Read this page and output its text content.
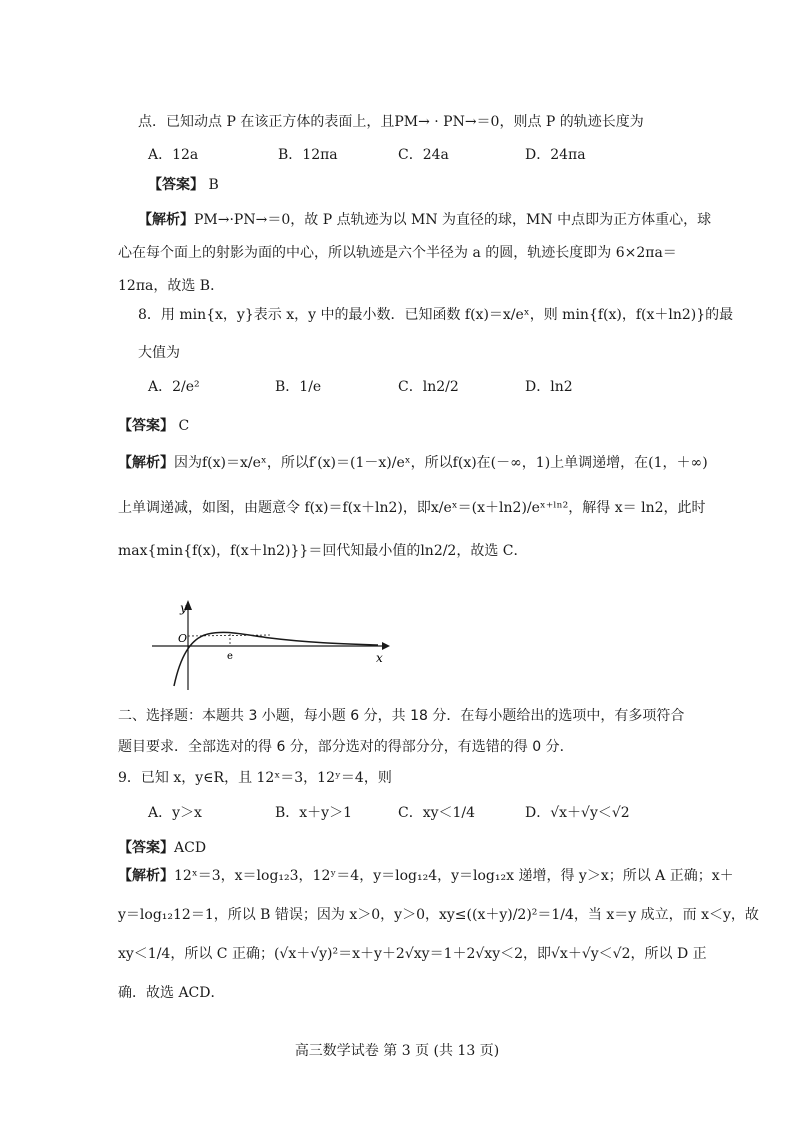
点．已知动点 P 在该正方体的表面上，且PM→ · PN→＝0，则点 P 的轨迹长度为
A．12a	B．12πa	C．24a	D．24πa
【答案】 B
【解析】PM→·PN→＝0，故 P 点轨迹为以 MN 为直径的球，MN 中点即为正方体重心，球
心在每个面上的射影为面的中心，所以轨迹是六个半径为 a 的圆，轨迹长度即为 6×2πa＝
12πa，故选 B．
8．用 min{x，y}表示 x，y 中的最小数．已知函数 f(x)＝x/eˣ，则 min{f(x)，f(x＋ln2)}的最
大值为
A．2/e²	B．1/e	C．ln2/2	D．ln2
【答案】 C
【解析】因为f(x)＝x/eˣ，所以f′(x)＝(1－x)/eˣ，所以f(x)在(－∞，1)上单调递增，在(1，＋∞)
上单调递减，如图，由题意令 f(x)＝f(x＋ln2)，即x/eˣ＝(x＋ln2)/eˣ⁺ˡⁿ²，解得 x＝ ln2，此时
max{min{f(x)，f(x＋ln2)}}＝回代知最小值的ln2/2，故选 C．
y
x
O
e
二、选择题：本题共 3 小题，每小题 6 分，共 18 分．在每小题给出的选项中，有多项符合
题目要求．全部选对的得 6 分，部分选对的得部分分，有选错的得 0 分．
9．已知 x，y∈R，且 12ˣ＝3，12ʸ＝4，则
A．y＞x	B．x＋y＞1	C．xy＜1/4	D．√x＋√y＜√2
【答案】ACD
【解析】12ˣ＝3，x＝log₁₂3，12ʸ＝4，y＝log₁₂4，y＝log₁₂x 递增，得 y＞x；所以 A 正确；x＋
y＝log₁₂12＝1，所以 B 错误；因为 x＞0，y＞0，xy≤((x＋y)/2)²＝1/4，当 x＝y 成立，而 x＜y，故
xy＜1/4，所以 C 正确；(√x＋√y)²＝x＋y＋2√xy＝1＋2√xy＜2，即√x＋√y＜√2，所以 D 正
确．故选 ACD．
高三数学试卷 第 3 页 (共 13 页)
